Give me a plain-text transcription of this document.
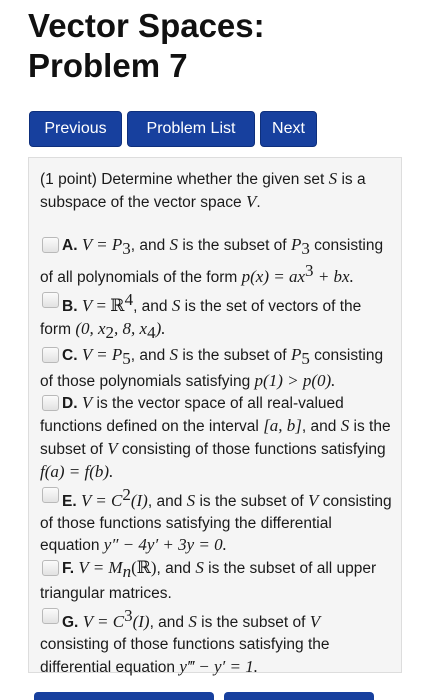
Vector Spaces:
Problem 7
Previous	Problem List	Next
(1 point) Determine whether the given set S is a subspace of the vector space V.

A. $V = P_3$, and S is the subset of $P_3$ consisting of all polynomials of the form $p(x) = ax^3$ + bx.

B. V = ℝ$^4$, and S is the set of vectors of the form (0, $x_2$, 8, $x_4$).

C. $V = P_5$, and S is the subset of $P_5$ consisting of those polynomials satisfying p(1) > p(0).

D. V is the vector space of all real-valued functions defined on the interval [a, b], and S is the subset of V consisting of those functions satisfying f(a) = f(b).

E. $V = C^2(I)$, and S is the subset of V consisting of those functions satisfying the differential equation y″ − 4y′ + 3y = 0.

F. $V = M_n(ℝ)$, and S is the subset of all upper triangular matrices.

G. $V = C^3(I)$, and S is the subset of V consisting of those functions satisfying the differential equation y‴ − y′ = 1.
